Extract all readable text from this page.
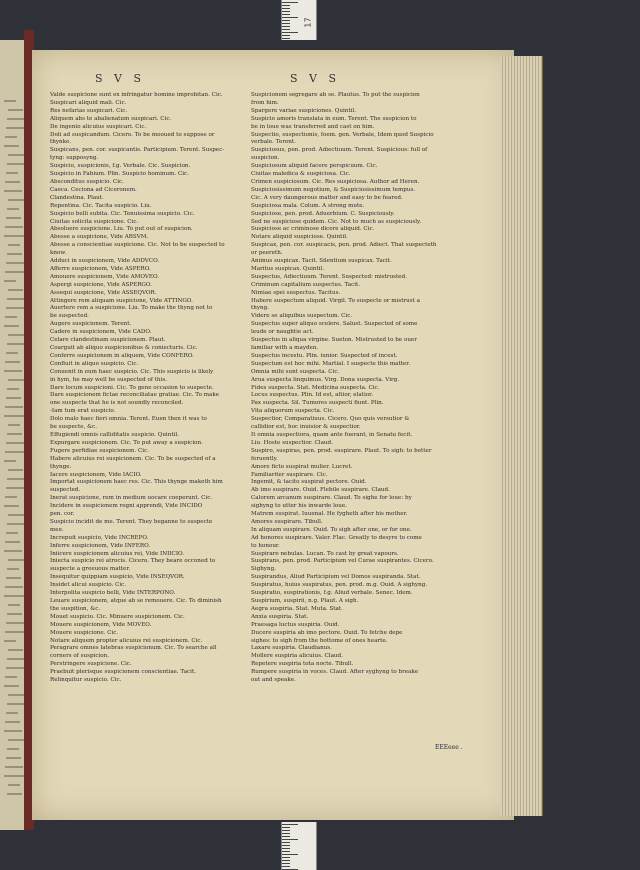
17
S V S	S V S
Valde suspicione sunt ex infringatur homine improbitan. Cic.
Suspicari aliquid mali. Cic.
Res nefarias suspicari. Cic.
Aliquem abs te abalienatum suspicari. Cic.
De ingenio alicuius suspicari. Cic.
Doli ad suspicandum. Cicero. To be mooued to suppose or
thynke.
Suspicans, pen. cor. suspicantis. Participium. Terent. Suspec-
tyng: supposyng.
Suspicio, suspicionis, f.g. Verbale. Cic. Suspicion.
Suspicio in Fabium. Plin. Suspicio hominum. Cic.
Absconditus suspicio. Cic.
Caeca. Ceciona ad Ciceronem.
Clandestina. Plaut.
Repentina. Cic. Tacita suspicio. Liu.
Suspicio belli subita. Cic. Tenuissima suspicio. Cic.
Ciuitas solicita suspicione. Cic.
Absoluere suspicione. Liu. To put out of suspicion.
Abesse a suspicione, Vide ABSVM.
Abesse a conscientiae suspicione. Cic. Not to be suspected to
know.
Adduci in suspicionem, Vide ADDVCO.
Afferre suspicionem, Vide ASPERO.
Amouere suspicionem, Vide AMOVEO.
Aspergi suspicione, Vide ASPERGO.
Assequi suspicione, Vide ASSEQVOR.
Attingere rem aliquam suspicione, Vide ATTINGO.
Auertere rem a suspicione. Liu. To make the thyng not to
be suspected.
Augere suspicionem. Terent.
Cadere in suspicionem, Vide CADO.
Celare clandestinam suspicionem. Plaut.
Coarguit ab aliquo suspicionibus & coniecturis. Cic.
Conferre suspicionem in aliquem, Vide CONFERO.
Confluit in aliquo suspicio. Cic.
Conuenit in eum haec suspicio. Cic. This suspicio is likely
in hym, he may well be suspected of this.
Dare locum suspicioni. Cic. To gene occasion to suspecte.
Dare suspicionem fictae reconciliatae gratiae. Cic. To make
one suspecte that he is not soundly reconciled.
-Iam tum erat suspicio.
Dolo malo haec fieri omnia. Terent. Euen then it was to
be suspecte, &c.
Effugiendi omnis calliditatis suspicio. Quintil.
Expurgare suspicionem. Cic. To put away a suspicion.
Fugere perfidiae suspicionem. Cic.
Habere alicuius rei suspicionem. Cic. To be suspected of a
thynge.
Iacere suspicionem, Vide IACIO.
Importat suspicionem haec res. Cic. This thynge maketh him
suspected.
Inerat suspicione, rem in medium uocare coeperunt. Cic.
Incidere in suspicionem regni apprendi, Vide INCIDO
pen. cor.
Suspicio incidit de me. Terent. They beganne to suspecte
mee.
Increpuit suspicio, Vide INCREPO.
Inferre suspicionem, Vide INFERO.
Iniicere suspicionem alicuius rei, Vide INIICIO.
Iniecta suspicio rei atrocis. Cicero. They beare occoned to
suspecte a greeuous matter.
Insequitur quippiam suspicio, Vide INSEQVOR.
Insidet alicui suspicio. Cic.
Interpolita suspicio belli, Vide INTERPONO.
Leuare suspicionem, atque ab se remouere. Cic. To diminish
the suspition, &c.
Mouet suspicio. Cic. Minuere suspicionem. Cic.
Mouere suspicionem, Vide MOVEO.
Mouere suspicione. Cic.
Notare aliquem propter alicuius rei suspicionem. Cic.
Peragrare omnes latebras suspicionum. Cic. To searche all
corners of suspicion.
Perstringere suspicione. Cic.
Praebuit plerisque suspicionem conscientiae. Tacit.
Relinquitur suspicio. Cic.
Suspicionem segregare ab se. Plautus. To put the suspicion
from him.
Spargere variae suspiciones. Quintil.
Suspicio amoris translata in eum. Terent. The suspicion to
be in loue was transferred and cast on him.
Suspectio, suspectionis, foem. gen. Verbale, Idem quod Suspicio
verbale. Terent.
Suspiciosus, pen. prod. Adiectiuum. Terent. Suspicious: full of
suspicion.
Suspiciosum aliquid facere perspicuum. Cic.
Ciuitas maledica & suspiciosa. Cic.
Crimen suspiciosum. Cic. Res suspiciosa. Author ad Heren.
Suspiciosissimum negotium, & Suspiciosissimum tempus.
Cic. A very daungerous matter and easy to be feared.
Suspiciosa mala. Colum. A strong mute.
Suspiciose, pen. prod. Aduerbium. C. Suspiciously.
Sed ne suspiciose quidem. Cic. Not to much as suspiciously.
Suspiciose ac criminose dicere aliquid. Cic.
Notare aliquid suspiciose. Quintil.
Suspicax, pen. cor. suspicacis, pen. prod. Adiect. That suspecteth
or peereth.
Animus suspicax. Tacit. Silentium suspicax. Tacit.
Maritus suspicax. Quintil.
Suspectus, Adiectiuum. Terent. Suspected: mistrusted.
Criminum capitalium suspectus. Tacit.
Nimiae spei suspectus. Tacitus.
Habere suspectum aliquid. Virgil. To suspecte or mistrust a
thyng.
Videre se aliquibus suspectum. Cic.
Suspectus super aliquo scelere. Salust. Suspected of some
leude or naughtie act.
Suspectus in aliqua virgine. Sueton. Mistrusted to be ouer
familiar with a mayden.
Suspectus incestu. Plin. iunior. Suspected of incest.
Suspectum est hoc mihi. Martial. I suspecte this matter.
Omnia mihi sunt suspecta. Cic.
Arua suspecta linquimus. Virg. Dona suspecta. Virg.
Fides suspecta. Stat. Medicina suspecta. Cic.
Locus suspectus. Plin. Id est, altior, elatior.
Pax suspecta. Sil. Tumores suspecti fiunt. Plin.
Vita aliquorum suspecta. Cic.
Suspectior, Comparatiuus. Cicero. Quo quis versutior &
callidior est, hoc inuisior & suspectior.
It omnia suspectiora, quam ante fuerant, in Senatu fecit.
Liu. Hoste suspectior. Claud.
Suspiro, suspiras, pen. prod. suspirare. Plaut. To sigh: to better
feruently.
Amore ficto suspirat mulier. Lucret.
Familiariter suspirare. Cic.
Ingemit, & tacito suspirat pectore. Ouid.
Ab imo suspirare. Ouid. Flebile suspirare. Claud.
Calorem arcanum suspirare. Claud. To sighe for loue: by
sighyng to utter his inwarde loue.
Matrem suspirat. Iuuenal. He fygheth after his mother.
Amores suspirare. Tibull.
In aliquam suspirare. Ouid. To sigh after one, or for one.
Ad honores suspirare. Valer. Flac. Greatly to desyre to come
to honour.
Suspirare nebulas. Lucan. To cast by great vapours.
Suspirans, pen. prod. Participium vel Curae suspirantes. Cicero.
Sighyng.
Suspirandus, Aliud Participium vel Domos suspiranda. Stat.
Suspiratus, huius suspiratus, pen. prod. m.g. Ouid. A sighyng.
Suspiratio, suspirationis, f.g. Aliud verbale. Senec. Idem.
Suspirium, suspirii, n.g. Plaut. A sigh.
Aegra suspiria. Stat. Muta. Stat.
Anxia suspiria. Stat.
Praesaga luctus suspiria. Ouid.
Ducere suspiria ab imo pectore. Ouid. To fetche depe
sighes: to sigh from the bottome of ones hearte.
Laxare suspiria. Claudianus.
Mollere suspiria alicuius. Claud.
Repetere suspiria tota nocte. Tibull.
Rumpere suspiria in voces. Claud. After syghyng to breake
out and speake.
EEEeee .
